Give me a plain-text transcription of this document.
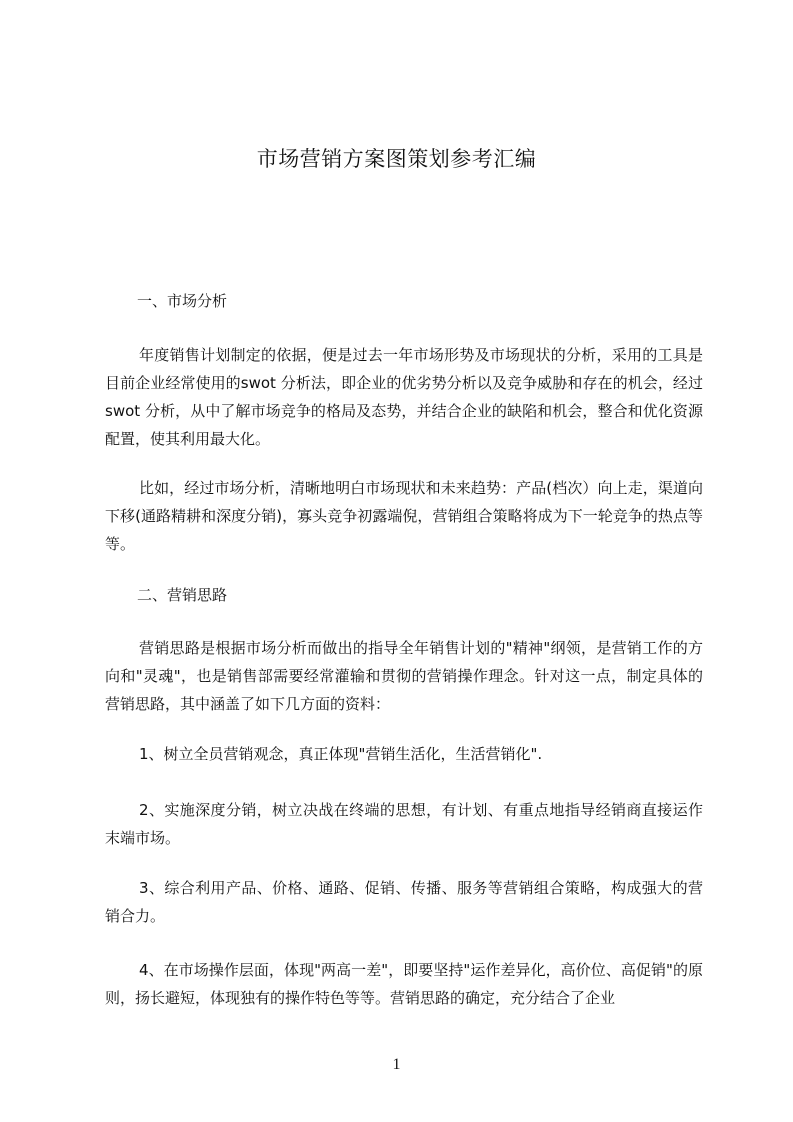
市场营销方案图策划参考汇编
一、市场分析
年度销售计划制定的依据，便是过去一年市场形势及市场现状的分析，采用的工具是目前企业经常使用的swot 分析法，即企业的优劣势分析以及竞争威胁和存在的机会，经过swot 分析，从中了解市场竞争的格局及态势，并结合企业的缺陷和机会，整合和优化资源配置，使其利用最大化。
比如，经过市场分析，清晰地明白市场现状和未来趋势：产品(档次）向上走，渠道向下移(通路精耕和深度分销)，寡头竞争初露端倪，营销组合策略将成为下一轮竞争的热点等等。
二、营销思路
营销思路是根据市场分析而做出的指导全年销售计划的"精神"纲领，是营销工作的方向和"灵魂"，也是销售部需要经常灌输和贯彻的营销操作理念。针对这一点，制定具体的营销思路，其中涵盖了如下几方面的资料：
1、树立全员营销观念，真正体现"营销生活化，生活营销化".
2、实施深度分销，树立决战在终端的思想，有计划、有重点地指导经销商直接运作末端市场。
3、综合利用产品、价格、通路、促销、传播、服务等营销组合策略，构成强大的营销合力。
4、在市场操作层面，体现"两高一差"，即要坚持"运作差异化，高价位、高促销"的原则，扬长避短，体现独有的操作特色等等。营销思路的确定，充分结合了企业
1
